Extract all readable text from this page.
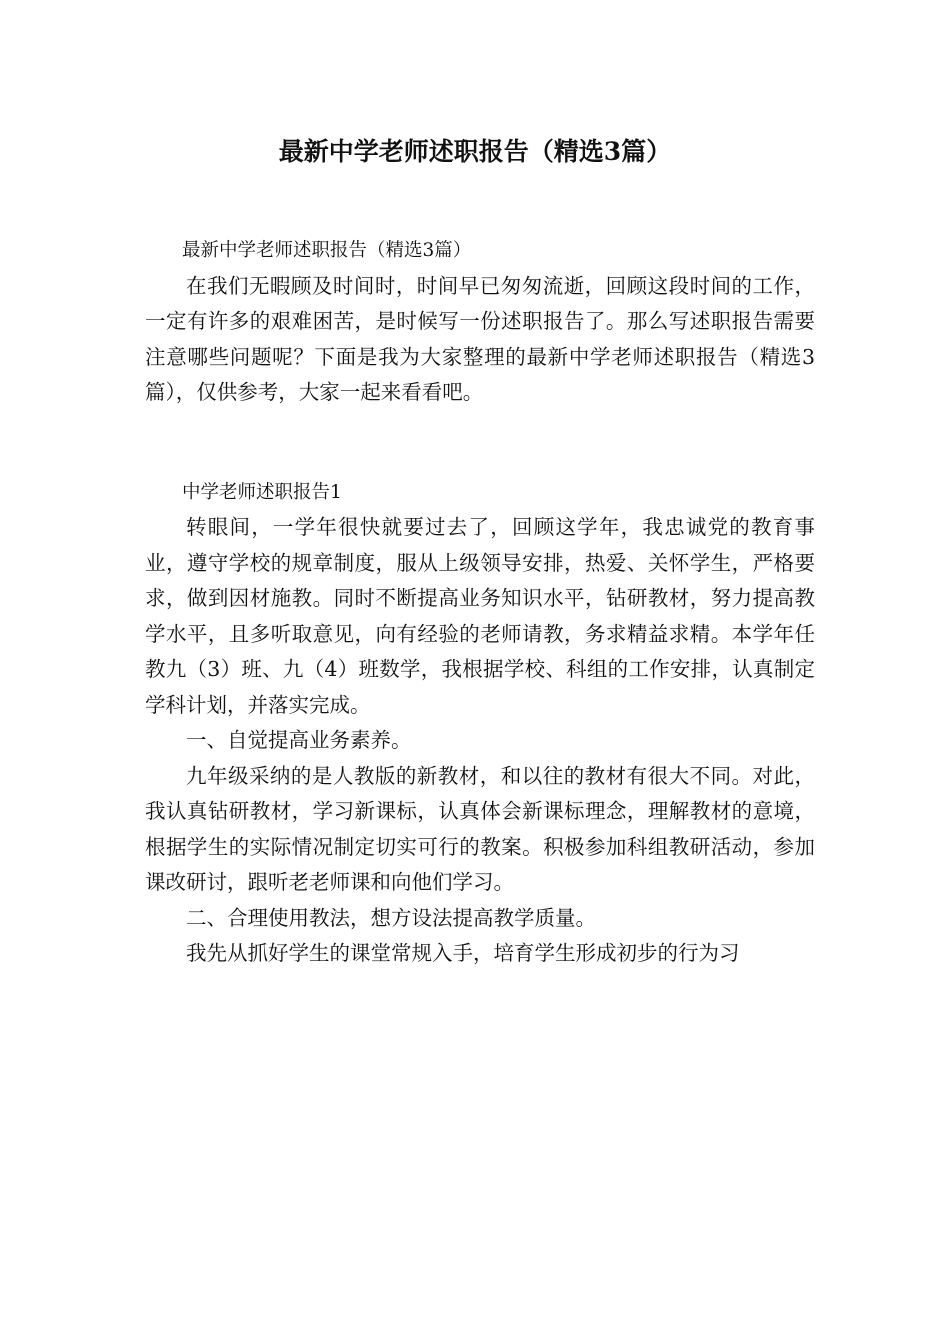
最新中学老师述职报告（精选3篇）

最新中学老师述职报告（精选3篇）

在我们无暇顾及时间时，时间早已匆匆流逝，回顾这段时间的工作，一定有许多的艰难困苦，是时候写一份述职报告了。那么写述职报告需要注意哪些问题呢？下面是我为大家整理的最新中学老师述职报告（精选3篇），仅供参考，大家一起来看看吧。

中学老师述职报告1

转眼间，一学年很快就要过去了，回顾这学年，我忠诚党的教育事业，遵守学校的规章制度，服从上级领导安排，热爱、关怀学生，严格要求，做到因材施教。同时不断提高业务知识水平，钻研教材，努力提高教学水平，且多听取意见，向有经验的老师请教，务求精益求精。本学年任教九（3）班、九（4）班数学，我根据学校、科组的工作安排，认真制定学科计划，并落实完成。

一、自觉提高业务素养。

九年级采纳的是人教版的新教材，和以往的教材有很大不同。对此，我认真钻研教材，学习新课标，认真体会新课标理念，理解教材的意境，根据学生的实际情况制定切实可行的教案。积极参加科组教研活动，参加课改研讨，跟听老老师课和向他们学习。

二、合理使用教法，想方设法提高教学质量。

我先从抓好学生的课堂常规入手，培育学生形成初步的行为习
